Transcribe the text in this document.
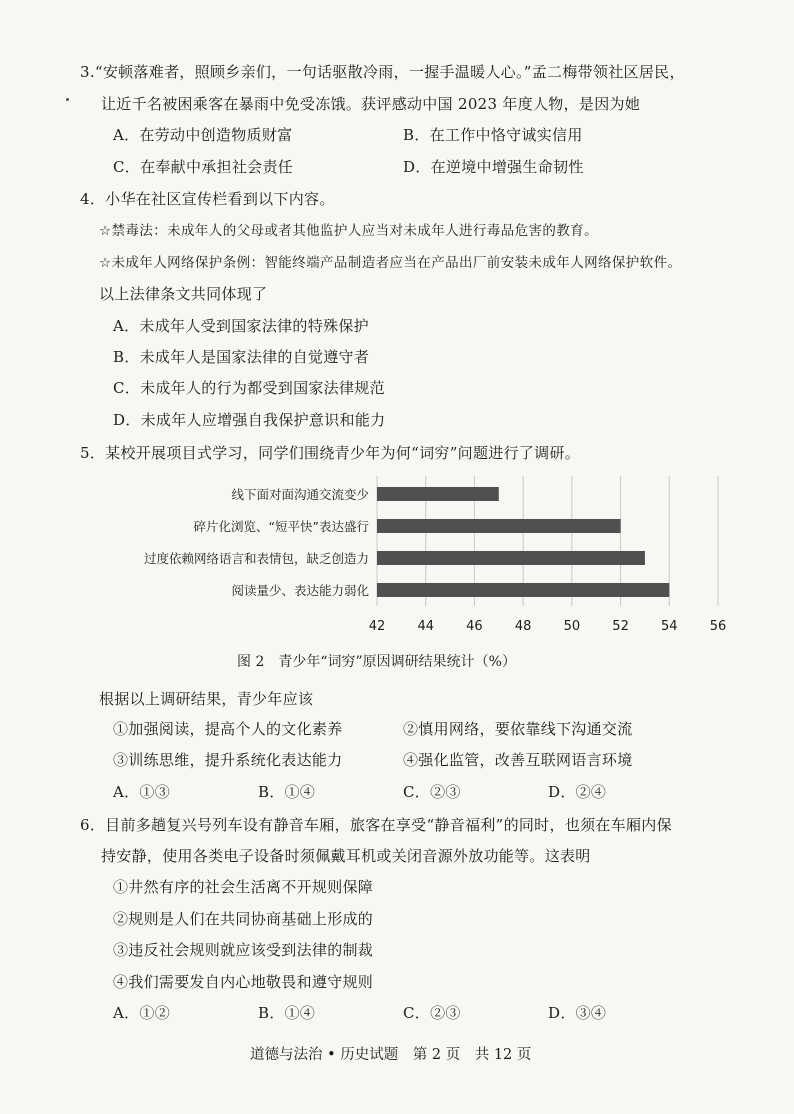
3.“安顿落难者，照顾乡亲们，一句话驱散冷雨，一握手温暖人心。”孟二梅带领社区居民，
让近千名被困乘客在暴雨中免受冻饿。获评感动中国 2023 年度人物，是因为她
A．在劳动中创造物质财富	B．在工作中恪守诚实信用
C．在奉献中承担社会责任	D．在逆境中增强生命韧性
4．小华在社区宣传栏看到以下内容。
☆禁毒法：未成年人的父母或者其他监护人应当对未成年人进行毒品危害的教育。
☆未成年人网络保护条例：智能终端产品制造者应当在产品出厂前安装未成年人网络保护软件。
以上法律条文共同体现了
A．未成年人受到国家法律的特殊保护
B．未成年人是国家法律的自觉遵守者
C．未成年人的行为都受到国家法律规范
D．未成年人应增强自我保护意识和能力
5．某校开展项目式学习，同学们围绕青少年为何“词穷”问题进行了调研。
线下面对面沟通交流变少
碎片化浏览、“短平快”表达盛行
过度依赖网络语言和表情包，缺乏创造力
阅读量少、表达能力弱化
42 44 46 48 50 52 54 56
图 2　青少年“词穷”原因调研结果统计（%）
根据以上调研结果，青少年应该
①加强阅读，提高个人的文化素养	②慎用网络，要依靠线下沟通交流
③训练思维，提升系统化表达能力	④强化监管，改善互联网语言环境
A．①③	B．①④	C．②③	D．②④
6．目前多趟复兴号列车设有静音车厢，旅客在享受“静音福利”的同时，也须在车厢内保
持安静，使用各类电子设备时须佩戴耳机或关闭音源外放功能等。这表明
①井然有序的社会生活离不开规则保障
②规则是人们在共同协商基础上形成的
③违反社会规则就应该受到法律的制裁
④我们需要发自内心地敬畏和遵守规则
A．①②	B．①④	C．②③	D．③④
道德与法治 • 历史试题　第 2 页　共 12 页
